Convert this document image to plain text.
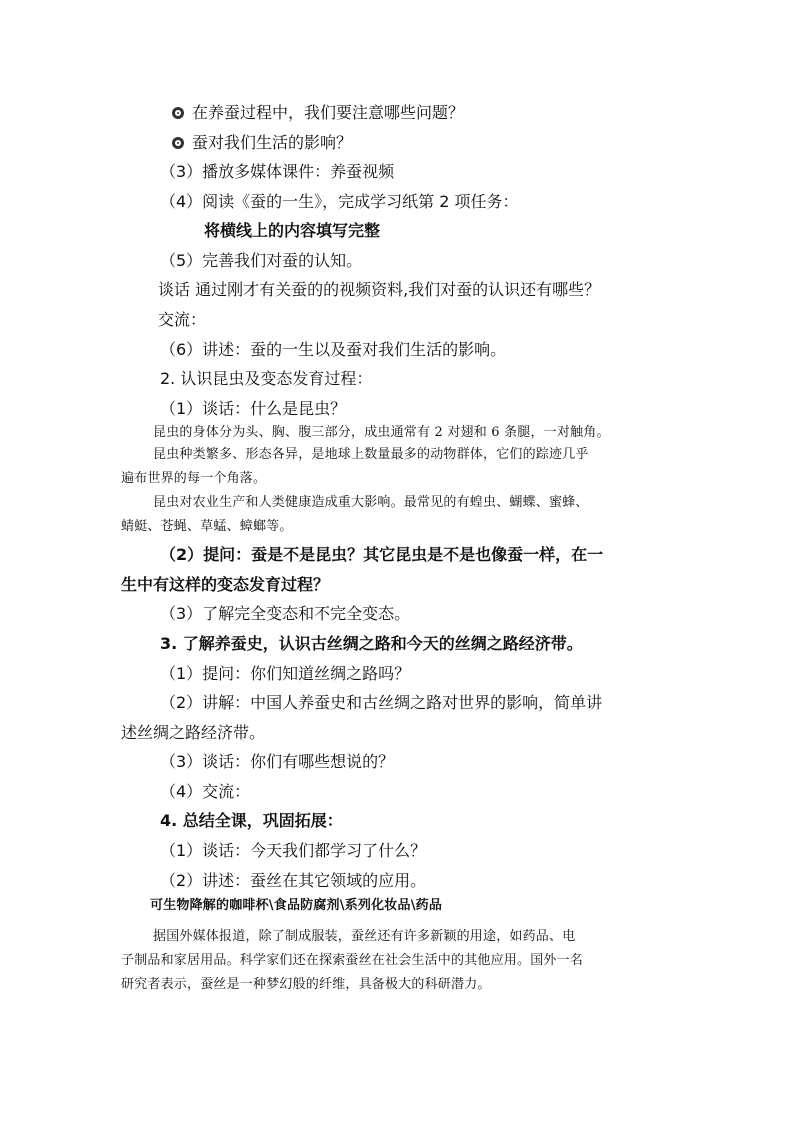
在养蚕过程中，我们要注意哪些问题？
蚕对我们生活的影响？
（3）播放多媒体课件：养蚕视频
（4）阅读《蚕的一生》，完成学习纸第 2 项任务：
将横线上的内容填写完整
（5）完善我们对蚕的认知。
谈话 通过刚才有关蚕的的视频资料,我们对蚕的认识还有哪些？
交流：
（6）讲述：蚕的一生以及蚕对我们生活的影响。
2. 认识昆虫及变态发育过程：
（1）谈话：什么是昆虫？
昆虫的身体分为头、胸、腹三部分，成虫通常有 2 对翅和 6 条腿，一对触角。
昆虫种类繁多、形态各异，是地球上数量最多的动物群体，它们的踪迹几乎
遍布世界的每一个角落。
昆虫对农业生产和人类健康造成重大影响。最常见的有蝗虫、蝴蝶、蜜蜂、
蜻蜓、苍蝇、草蜢、蟑螂等。
（2）提问：蚕是不是昆虫？其它昆虫是不是也像蚕一样，在一
生中有这样的变态发育过程？
（3）了解完全变态和不完全变态。
3. 了解养蚕史，认识古丝绸之路和今天的丝绸之路经济带。
（1）提问：你们知道丝绸之路吗？
（2）讲解：中国人养蚕史和古丝绸之路对世界的影响，简单讲
述丝绸之路经济带。
（3）谈话：你们有哪些想说的？
（4）交流：
4. 总结全课，巩固拓展：
（1）谈话：今天我们都学习了什么？
（2）讲述：蚕丝在其它领域的应用。
可生物降解的咖啡杯\食品防腐剂\系列化妆品\药品
据国外媒体报道，除了制成服装，蚕丝还有许多新颖的用途，如药品、电
子制品和家居用品。科学家们还在探索蚕丝在社会生活中的其他应用。国外一名
研究者表示，蚕丝是一种梦幻般的纤维，具备极大的科研潜力。
